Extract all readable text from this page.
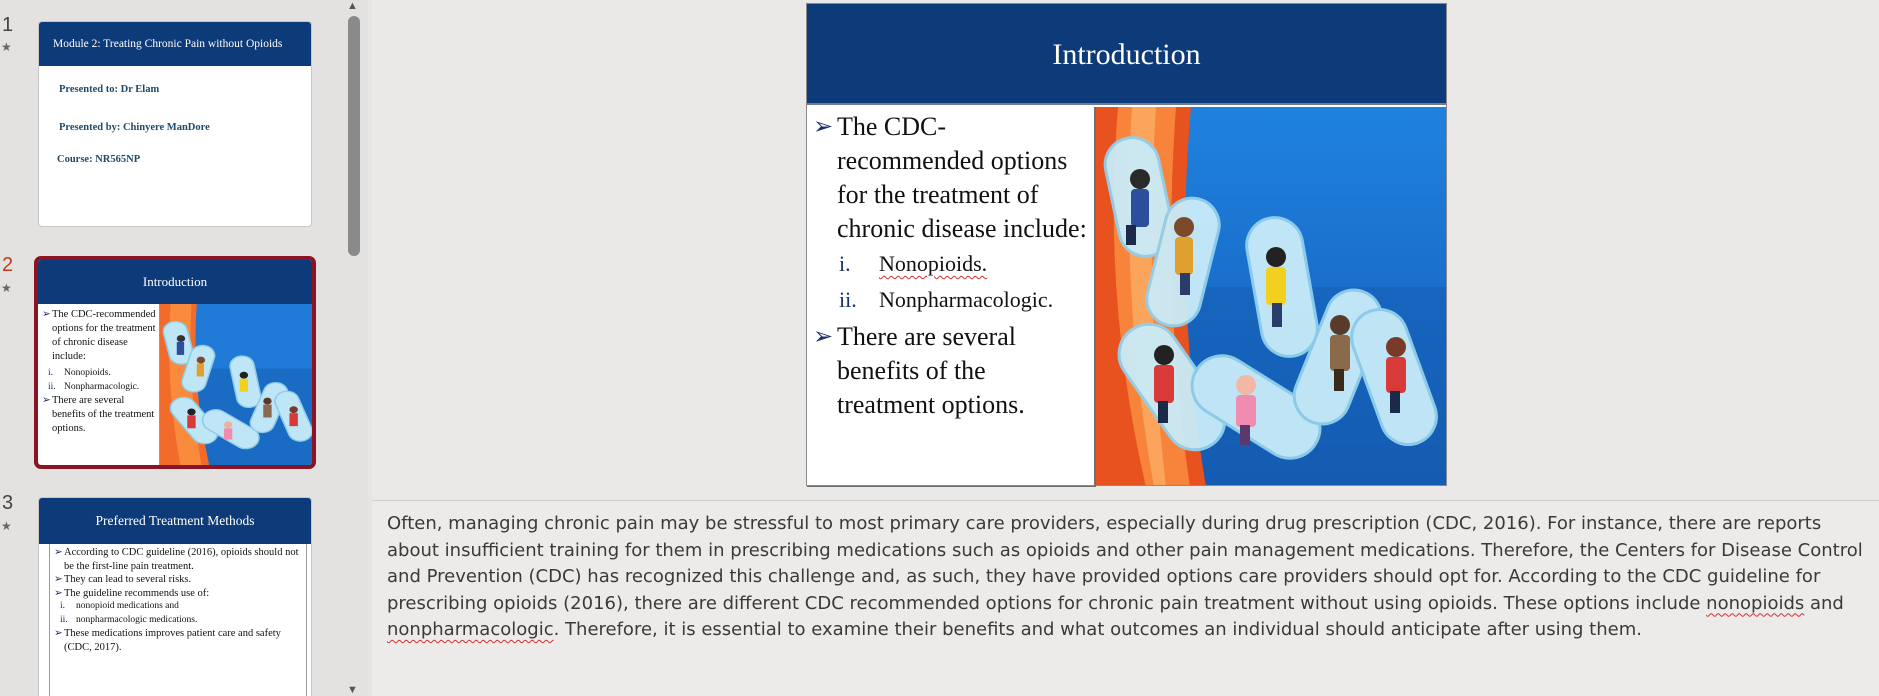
1
★	Module 2: Treating Chronic Pain without Opioids
Presented to: Dr Elam
Presented by: Chinyere ManDore
Course: NR565NP
2
★	Introduction
➢ The CDC-recommended options for the treatment of chronic disease include:
i.	Nonopioids.
ii. Nonpharmacologic.
➢ There are several benefits of the treatment options.
3
★	Preferred Treatment Methods
➢ According to CDC guideline (2016), opioids should not be the first-line pain treatment.
➢ They can lead to several risks.
➢ The guideline recommends use of:
i.	nonopioid medications and
ii. nonpharmacologic medications.
➢ These medications improves patient care and safety (CDC, 2017).
▲
▼
Introduction
➢ The CDC-recommended options for the treatment of chronic disease include:
i.	Nonopioids.
ii.	Nonpharmacologic.
➢ There are several benefits of the treatment options.
Often, managing chronic pain may be stressful to most primary care providers, especially during drug prescription (CDC, 2016). For instance, there are reports about insufficient training for them in prescribing medications such as opioids and other pain management medications. Therefore, the Centers for Disease Control and Prevention (CDC) has recognized this challenge and, as such, they have provided options care providers should opt for. According to the CDC guideline for prescribing opioids (2016), there are different CDC recommended options for chronic pain treatment without using opioids. These options include nonopioids and nonpharmacologic. Therefore, it is essential to examine their benefits and what outcomes an individual should anticipate after using them.
